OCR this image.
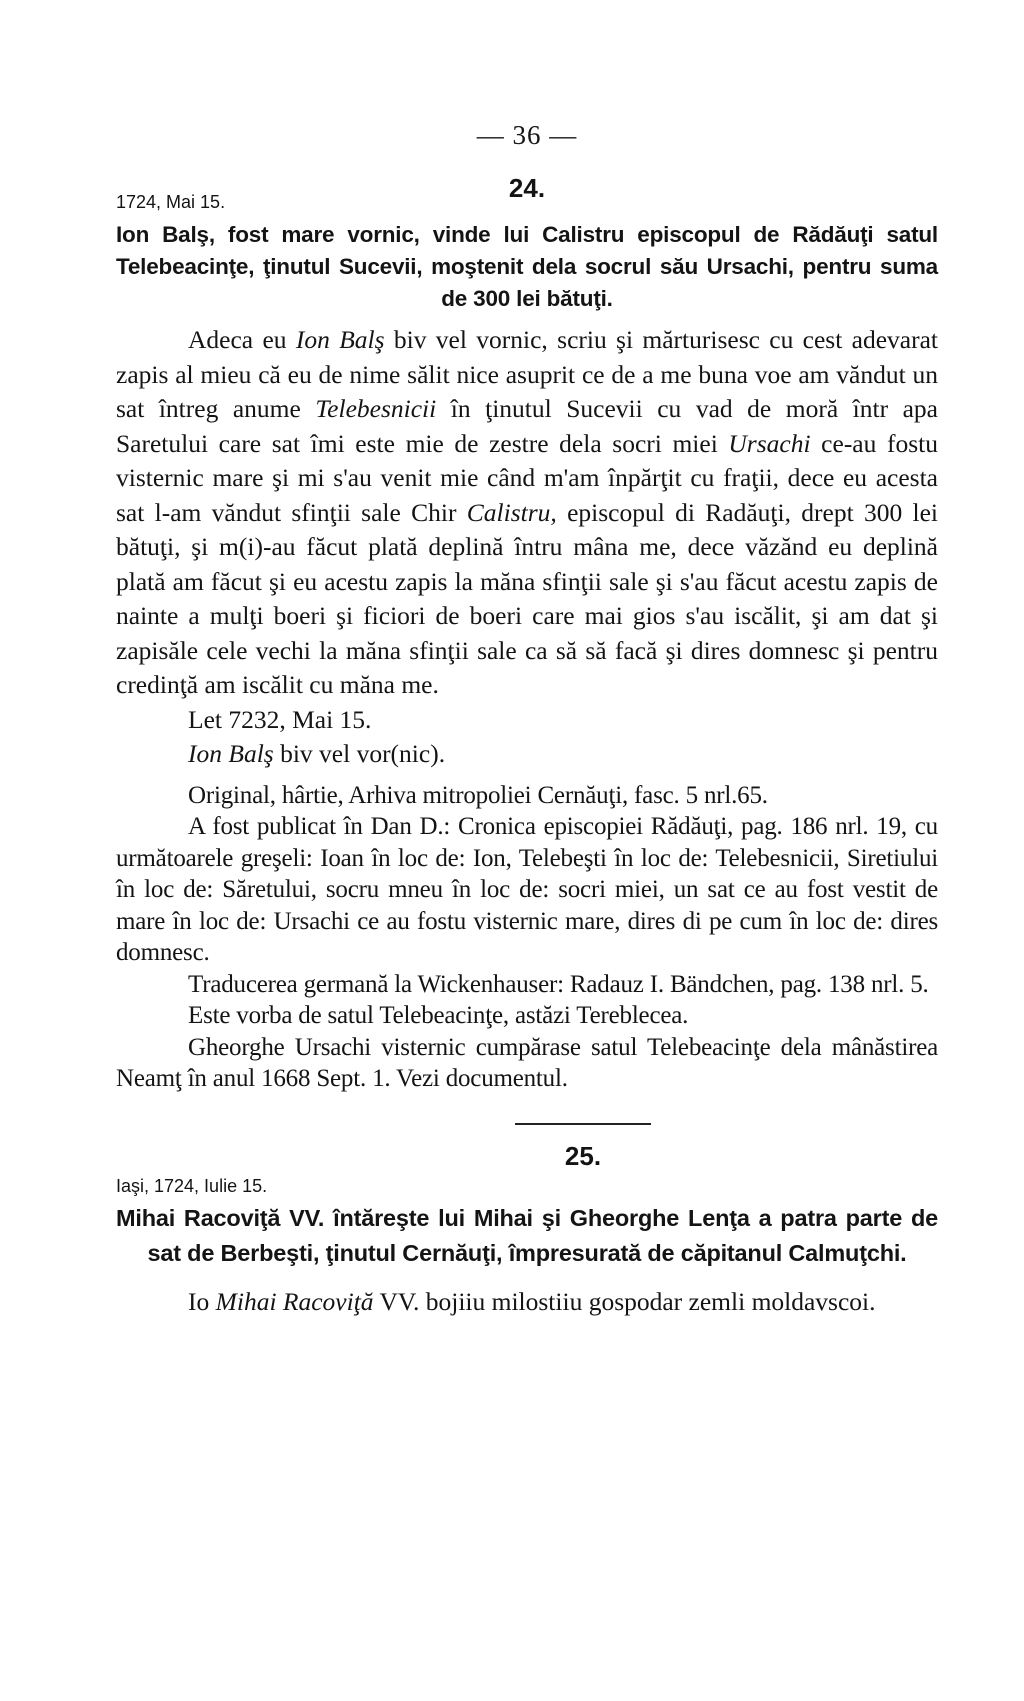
— 36 —
24.
1724, Mai 15.
Ion Balş, fost mare vornic, vinde lui Calistru episcopul de Rădăuţi satul Telebeacinţe, ţinutul Sucevii, moştenit dela socrul său Ursachi, pentru suma de 300 lei bătuţi.

Adeca eu Ion Balş biv vel vornic, scriu şi mărturisesc cu cest adevarat zapis al mieu că eu de nime sălit nice asuprit ce de a me buna voe am văndut un sat întreg anume Telebesnicii în ţinutul Sucevii cu vad de moră într apa Saretului care sat îmi este mie de zestre dela socri miei Ursachi ce-au fostu visternic mare şi mi s'au venit mie când m'am înpărţit cu fraţii, dece eu acesta sat l-am văndut sfinţii sale Chir Calistru, episcopul di Radăuţi, drept 300 lei bătuţi, şi m(i)-au făcut plată deplină întru mâna me, dece văzănd eu deplină plată am făcut şi eu acestu zapis la măna sfinţii sale şi s'au făcut acestu zapis de nainte a mulţi boeri şi ficiori de boeri care mai gios s'au iscălit, şi am dat şi zapisăle cele vechi la măna sfinţii sale ca să să facă şi dires domnesc şi pentru credinţă am iscălit cu măna me.

Let 7232, Mai 15.

Ion Balş biv vel vor(nic).

Original, hârtie, Arhiva mitropoliei Cernăuţi, fasc. 5 nrl.65.

A fost publicat în Dan D.: Cronica episcopiei Rădăuţi, pag. 186 nrl. 19, cu următoarele greşeli: Ioan în loc de: Ion, Telebeşti în loc de: Telebesnicii, Siretiului în loc de: Săretului, socru mneu în loc de: socri miei, un sat ce au fost vestit de mare în loc de: Ursachi ce au fostu visternic mare, dires di pe cum în loc de: dires domnesc.

Traducerea germană la Wickenhauser: Radauz I. Bändchen, pag. 138 nrl. 5.

Este vorba de satul Telebeacinţe, astăzi Tereblecea.

Gheorghe Ursachi visternic cumpărase satul Telebeacinţe dela mânăstirea Neamţ în anul 1668 Sept. 1. Vezi documentul.

25.
Iaşi, 1724, Iulie 15.
Mihai Racoviţă VV. întăreşte lui Mihai şi Gheorghe Lenţa a patra parte de sat de Berbeşti, ţinutul Cernăuţi, împresurată de căpitanul Calmuţchi.

Io Mihai Racoviţă VV. bojiiu milostiiu gospodar zemli moldavscoi.
